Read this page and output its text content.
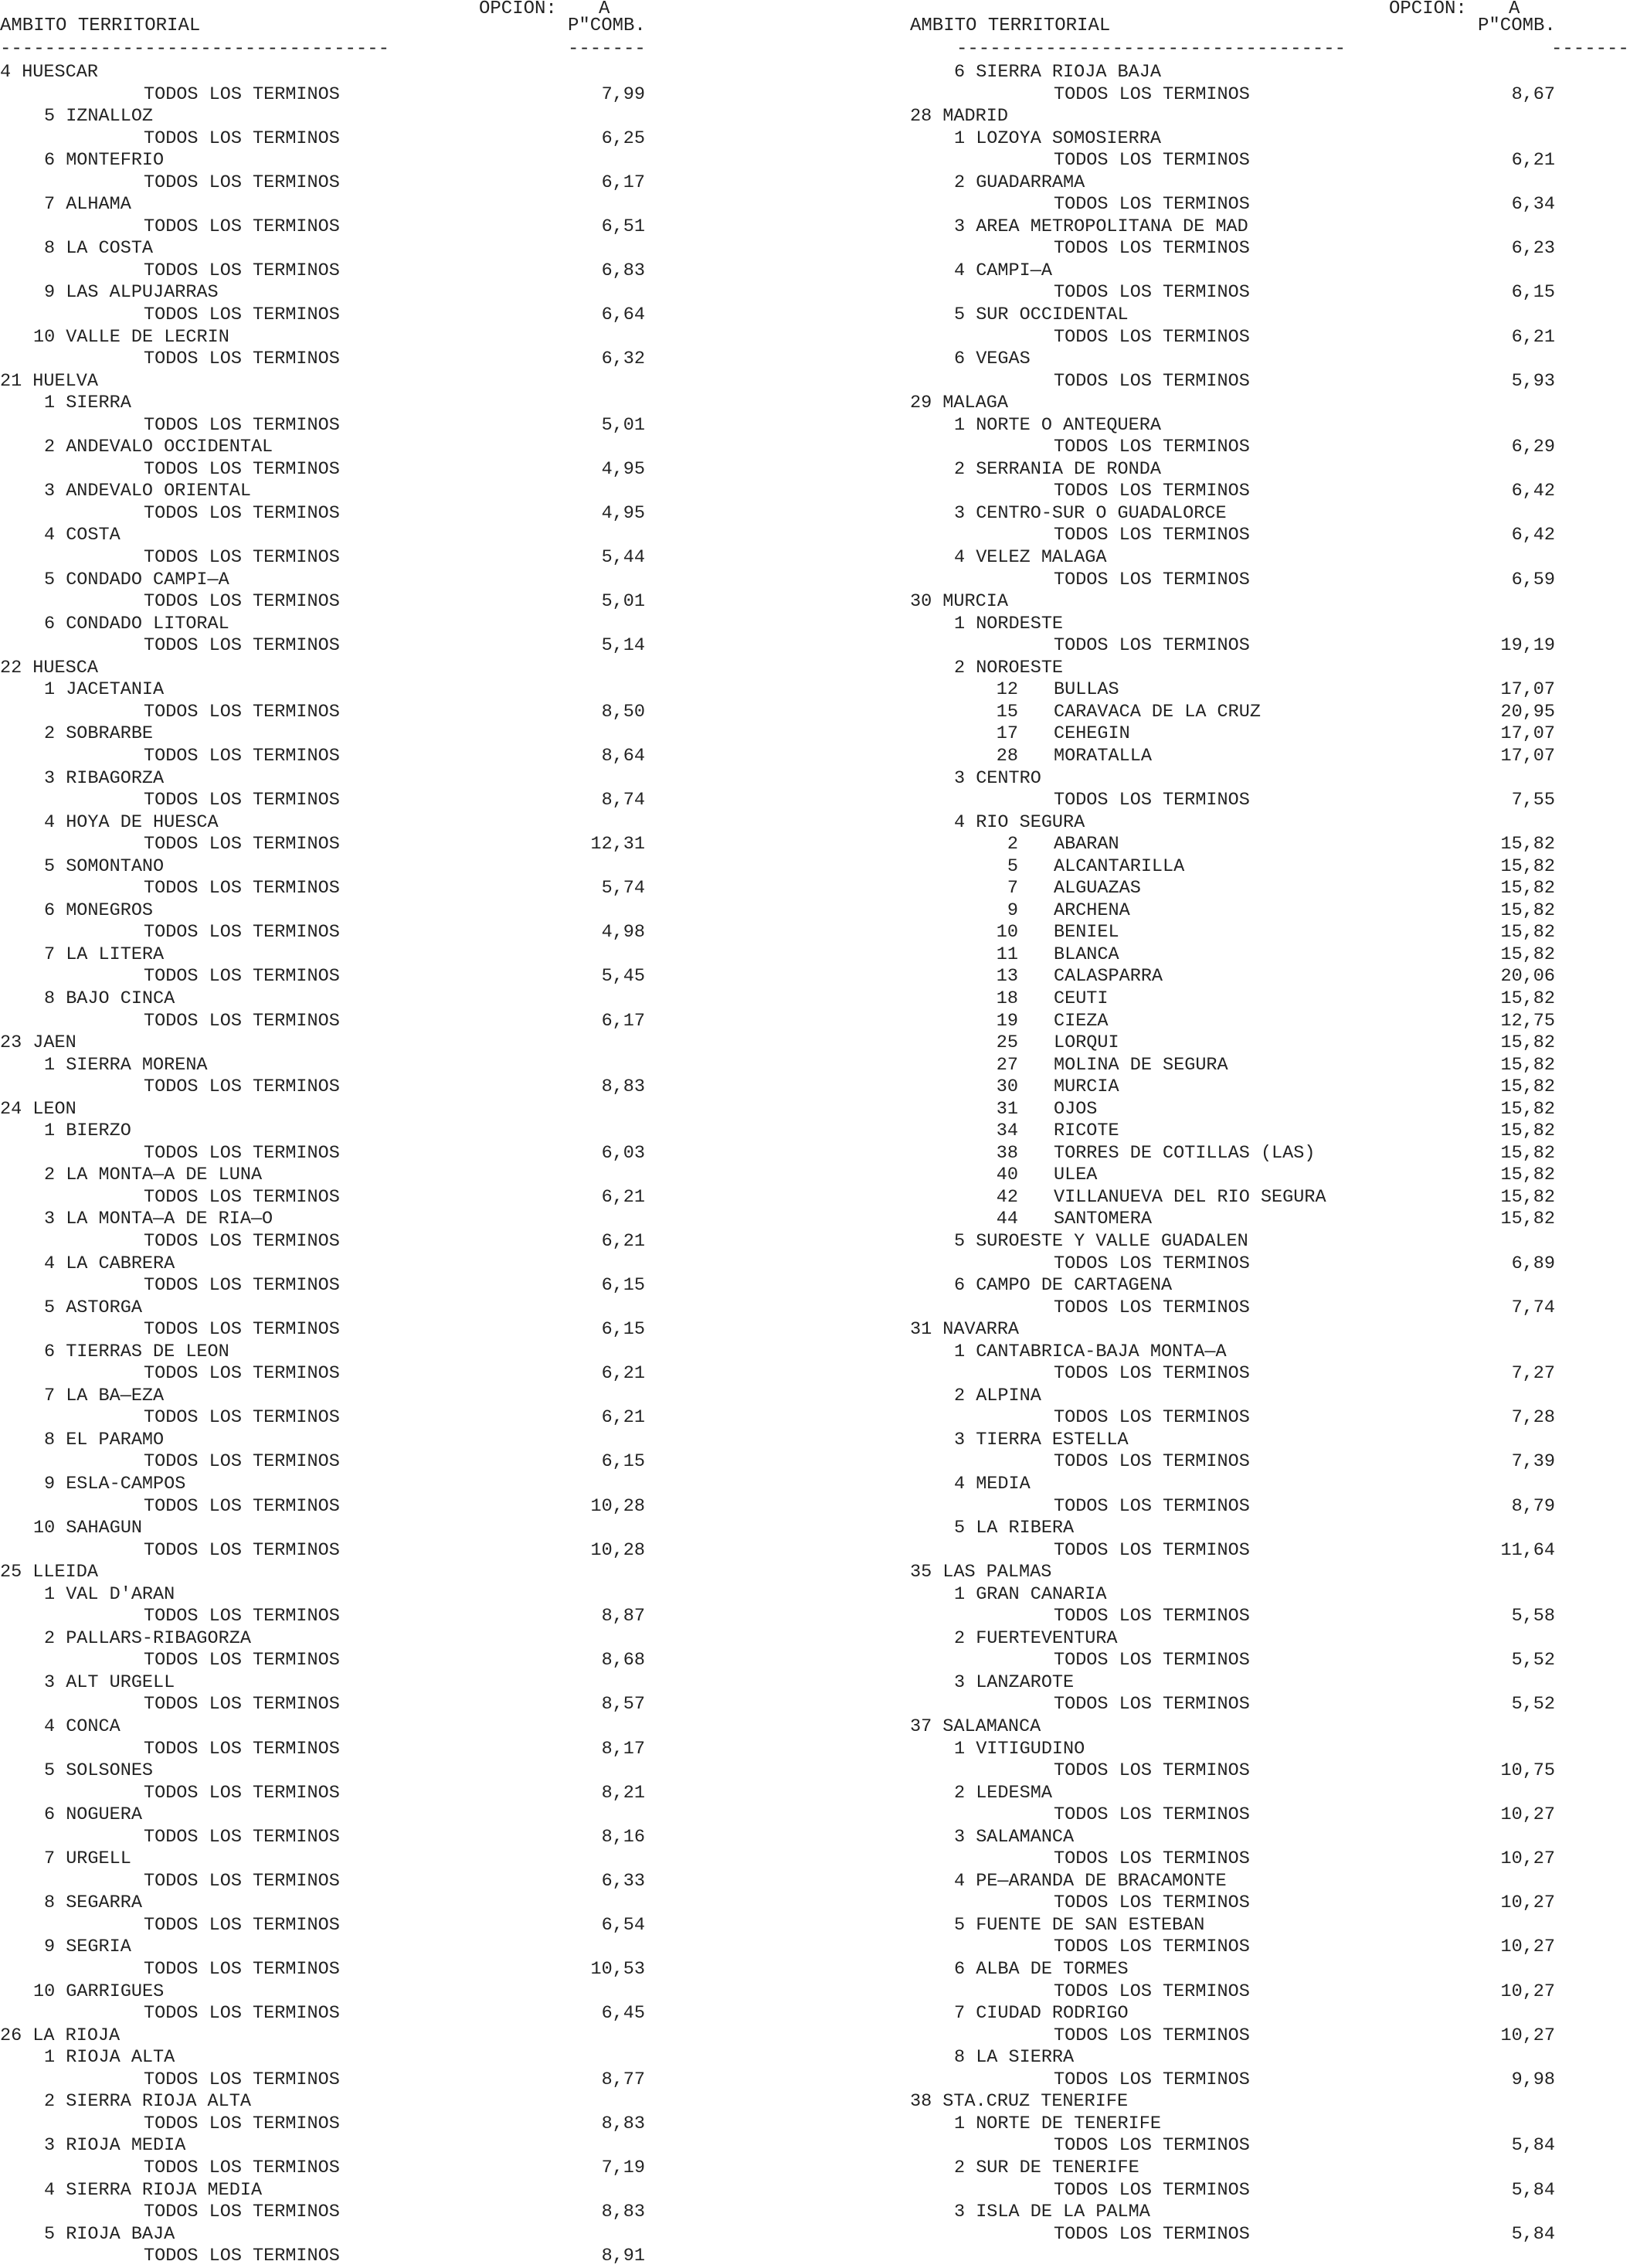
OPCION: A
AMBITO TERRITORIAL	P"COMB.
-----------------------------------	-------
4 HUESCAR
TODOS LOS TERMINOS	7,99
5 IZNALLOZ
TODOS LOS TERMINOS	6,25
6 MONTEFRIO
TODOS LOS TERMINOS	6,17
7 ALHAMA
TODOS LOS TERMINOS	6,51
8 LA COSTA
TODOS LOS TERMINOS	6,83
9 LAS ALPUJARRAS
TODOS LOS TERMINOS	6,64
10 VALLE DE LECRIN
TODOS LOS TERMINOS	6,32
21 HUELVA
1 SIERRA
TODOS LOS TERMINOS	5,01
2 ANDEVALO OCCIDENTAL
TODOS LOS TERMINOS	4,95
3 ANDEVALO ORIENTAL
TODOS LOS TERMINOS	4,95
4 COSTA
TODOS LOS TERMINOS	5,44
5 CONDADO CAMPI—A
TODOS LOS TERMINOS	5,01
6 CONDADO LITORAL
TODOS LOS TERMINOS	5,14
22 HUESCA
1 JACETANIA
TODOS LOS TERMINOS	8,50
2 SOBRARBE
TODOS LOS TERMINOS	8,64
3 RIBAGORZA
TODOS LOS TERMINOS	8,74
4 HOYA DE HUESCA
TODOS LOS TERMINOS	12,31
5 SOMONTANO
TODOS LOS TERMINOS	5,74
6 MONEGROS
TODOS LOS TERMINOS	4,98
7 LA LITERA
TODOS LOS TERMINOS	5,45
8 BAJO CINCA
TODOS LOS TERMINOS	6,17
23 JAEN
1 SIERRA MORENA
TODOS LOS TERMINOS	8,83
24 LEON
1 BIERZO
TODOS LOS TERMINOS	6,03
2 LA MONTA—A DE LUNA
TODOS LOS TERMINOS	6,21
3 LA MONTA—A DE RIA—O
TODOS LOS TERMINOS	6,21
4 LA CABRERA
TODOS LOS TERMINOS	6,15
5 ASTORGA
TODOS LOS TERMINOS	6,15
6 TIERRAS DE LEON
TODOS LOS TERMINOS	6,21
7 LA BA—EZA
TODOS LOS TERMINOS	6,21
8 EL PARAMO
TODOS LOS TERMINOS	6,15
9 ESLA-CAMPOS
TODOS LOS TERMINOS	10,28
10 SAHAGUN
TODOS LOS TERMINOS	10,28
25 LLEIDA
1 VAL D'ARAN
TODOS LOS TERMINOS	8,87
2 PALLARS-RIBAGORZA
TODOS LOS TERMINOS	8,68
3 ALT URGELL
TODOS LOS TERMINOS	8,57
4 CONCA
TODOS LOS TERMINOS	8,17
5 SOLSONES
TODOS LOS TERMINOS	8,21
6 NOGUERA
TODOS LOS TERMINOS	8,16
7 URGELL
TODOS LOS TERMINOS	6,33
8 SEGARRA
TODOS LOS TERMINOS	6,54
9 SEGRIA
TODOS LOS TERMINOS	10,53
10 GARRIGUES
TODOS LOS TERMINOS	6,45
26 LA RIOJA
1 RIOJA ALTA
TODOS LOS TERMINOS	8,77
2 SIERRA RIOJA ALTA
TODOS LOS TERMINOS	8,83
3 RIOJA MEDIA
TODOS LOS TERMINOS	7,19
4 SIERRA RIOJA MEDIA
TODOS LOS TERMINOS	8,83
5 RIOJA BAJA
TODOS LOS TERMINOS	8,91
OPCION: A
AMBITO TERRITORIAL	P"COMB.
-----------------------------------	-------
6 SIERRA RIOJA BAJA
TODOS LOS TERMINOS	8,67
28 MADRID
1 LOZOYA SOMOSIERRA
TODOS LOS TERMINOS	6,21
2 GUADARRAMA
TODOS LOS TERMINOS	6,34
3 AREA METROPOLITANA DE MAD
TODOS LOS TERMINOS	6,23
4 CAMPI—A
TODOS LOS TERMINOS	6,15
5 SUR OCCIDENTAL
TODOS LOS TERMINOS	6,21
6 VEGAS
TODOS LOS TERMINOS	5,93
29 MALAGA
1 NORTE O ANTEQUERA
TODOS LOS TERMINOS	6,29
2 SERRANIA DE RONDA
TODOS LOS TERMINOS	6,42
3 CENTRO-SUR O GUADALORCE
TODOS LOS TERMINOS	6,42
4 VELEZ MALAGA
TODOS LOS TERMINOS	6,59
30 MURCIA
1 NORDESTE
TODOS LOS TERMINOS	19,19
2 NOROESTE
12 BULLAS	17,07
15 CARAVACA DE LA CRUZ	20,95
17 CEHEGIN	17,07
28 MORATALLA	17,07
3 CENTRO
TODOS LOS TERMINOS	7,55
4 RIO SEGURA
2 ABARAN	15,82
5 ALCANTARILLA	15,82
7 ALGUAZAS	15,82
9 ARCHENA	15,82
10 BENIEL	15,82
11 BLANCA	15,82
13 CALASPARRA	20,06
18 CEUTI	15,82
19 CIEZA	12,75
25 LORQUI	15,82
27 MOLINA DE SEGURA	15,82
30 MURCIA	15,82
31 OJOS	15,82
34 RICOTE	15,82
38 TORRES DE COTILLAS (LAS)	15,82
40 ULEA	15,82
42 VILLANUEVA DEL RIO SEGURA	15,82
44 SANTOMERA	15,82
5 SUROESTE Y VALLE GUADALEN
TODOS LOS TERMINOS	6,89
6 CAMPO DE CARTAGENA
TODOS LOS TERMINOS	7,74
31 NAVARRA
1 CANTABRICA-BAJA MONTA—A
TODOS LOS TERMINOS	7,27
2 ALPINA
TODOS LOS TERMINOS	7,28
3 TIERRA ESTELLA
TODOS LOS TERMINOS	7,39
4 MEDIA
TODOS LOS TERMINOS	8,79
5 LA RIBERA
TODOS LOS TERMINOS	11,64
35 LAS PALMAS
1 GRAN CANARIA
TODOS LOS TERMINOS	5,58
2 FUERTEVENTURA
TODOS LOS TERMINOS	5,52
3 LANZAROTE
TODOS LOS TERMINOS	5,52
37 SALAMANCA
1 VITIGUDINO
TODOS LOS TERMINOS	10,75
2 LEDESMA
TODOS LOS TERMINOS	10,27
3 SALAMANCA
TODOS LOS TERMINOS	10,27
4 PE—ARANDA DE BRACAMONTE
TODOS LOS TERMINOS	10,27
5 FUENTE DE SAN ESTEBAN
TODOS LOS TERMINOS	10,27
6 ALBA DE TORMES
TODOS LOS TERMINOS	10,27
7 CIUDAD RODRIGO
TODOS LOS TERMINOS	10,27
8 LA SIERRA
TODOS LOS TERMINOS	9,98
38 STA.CRUZ TENERIFE
1 NORTE DE TENERIFE
TODOS LOS TERMINOS	5,84
2 SUR DE TENERIFE
TODOS LOS TERMINOS	5,84
3 ISLA DE LA PALMA
TODOS LOS TERMINOS	5,84
